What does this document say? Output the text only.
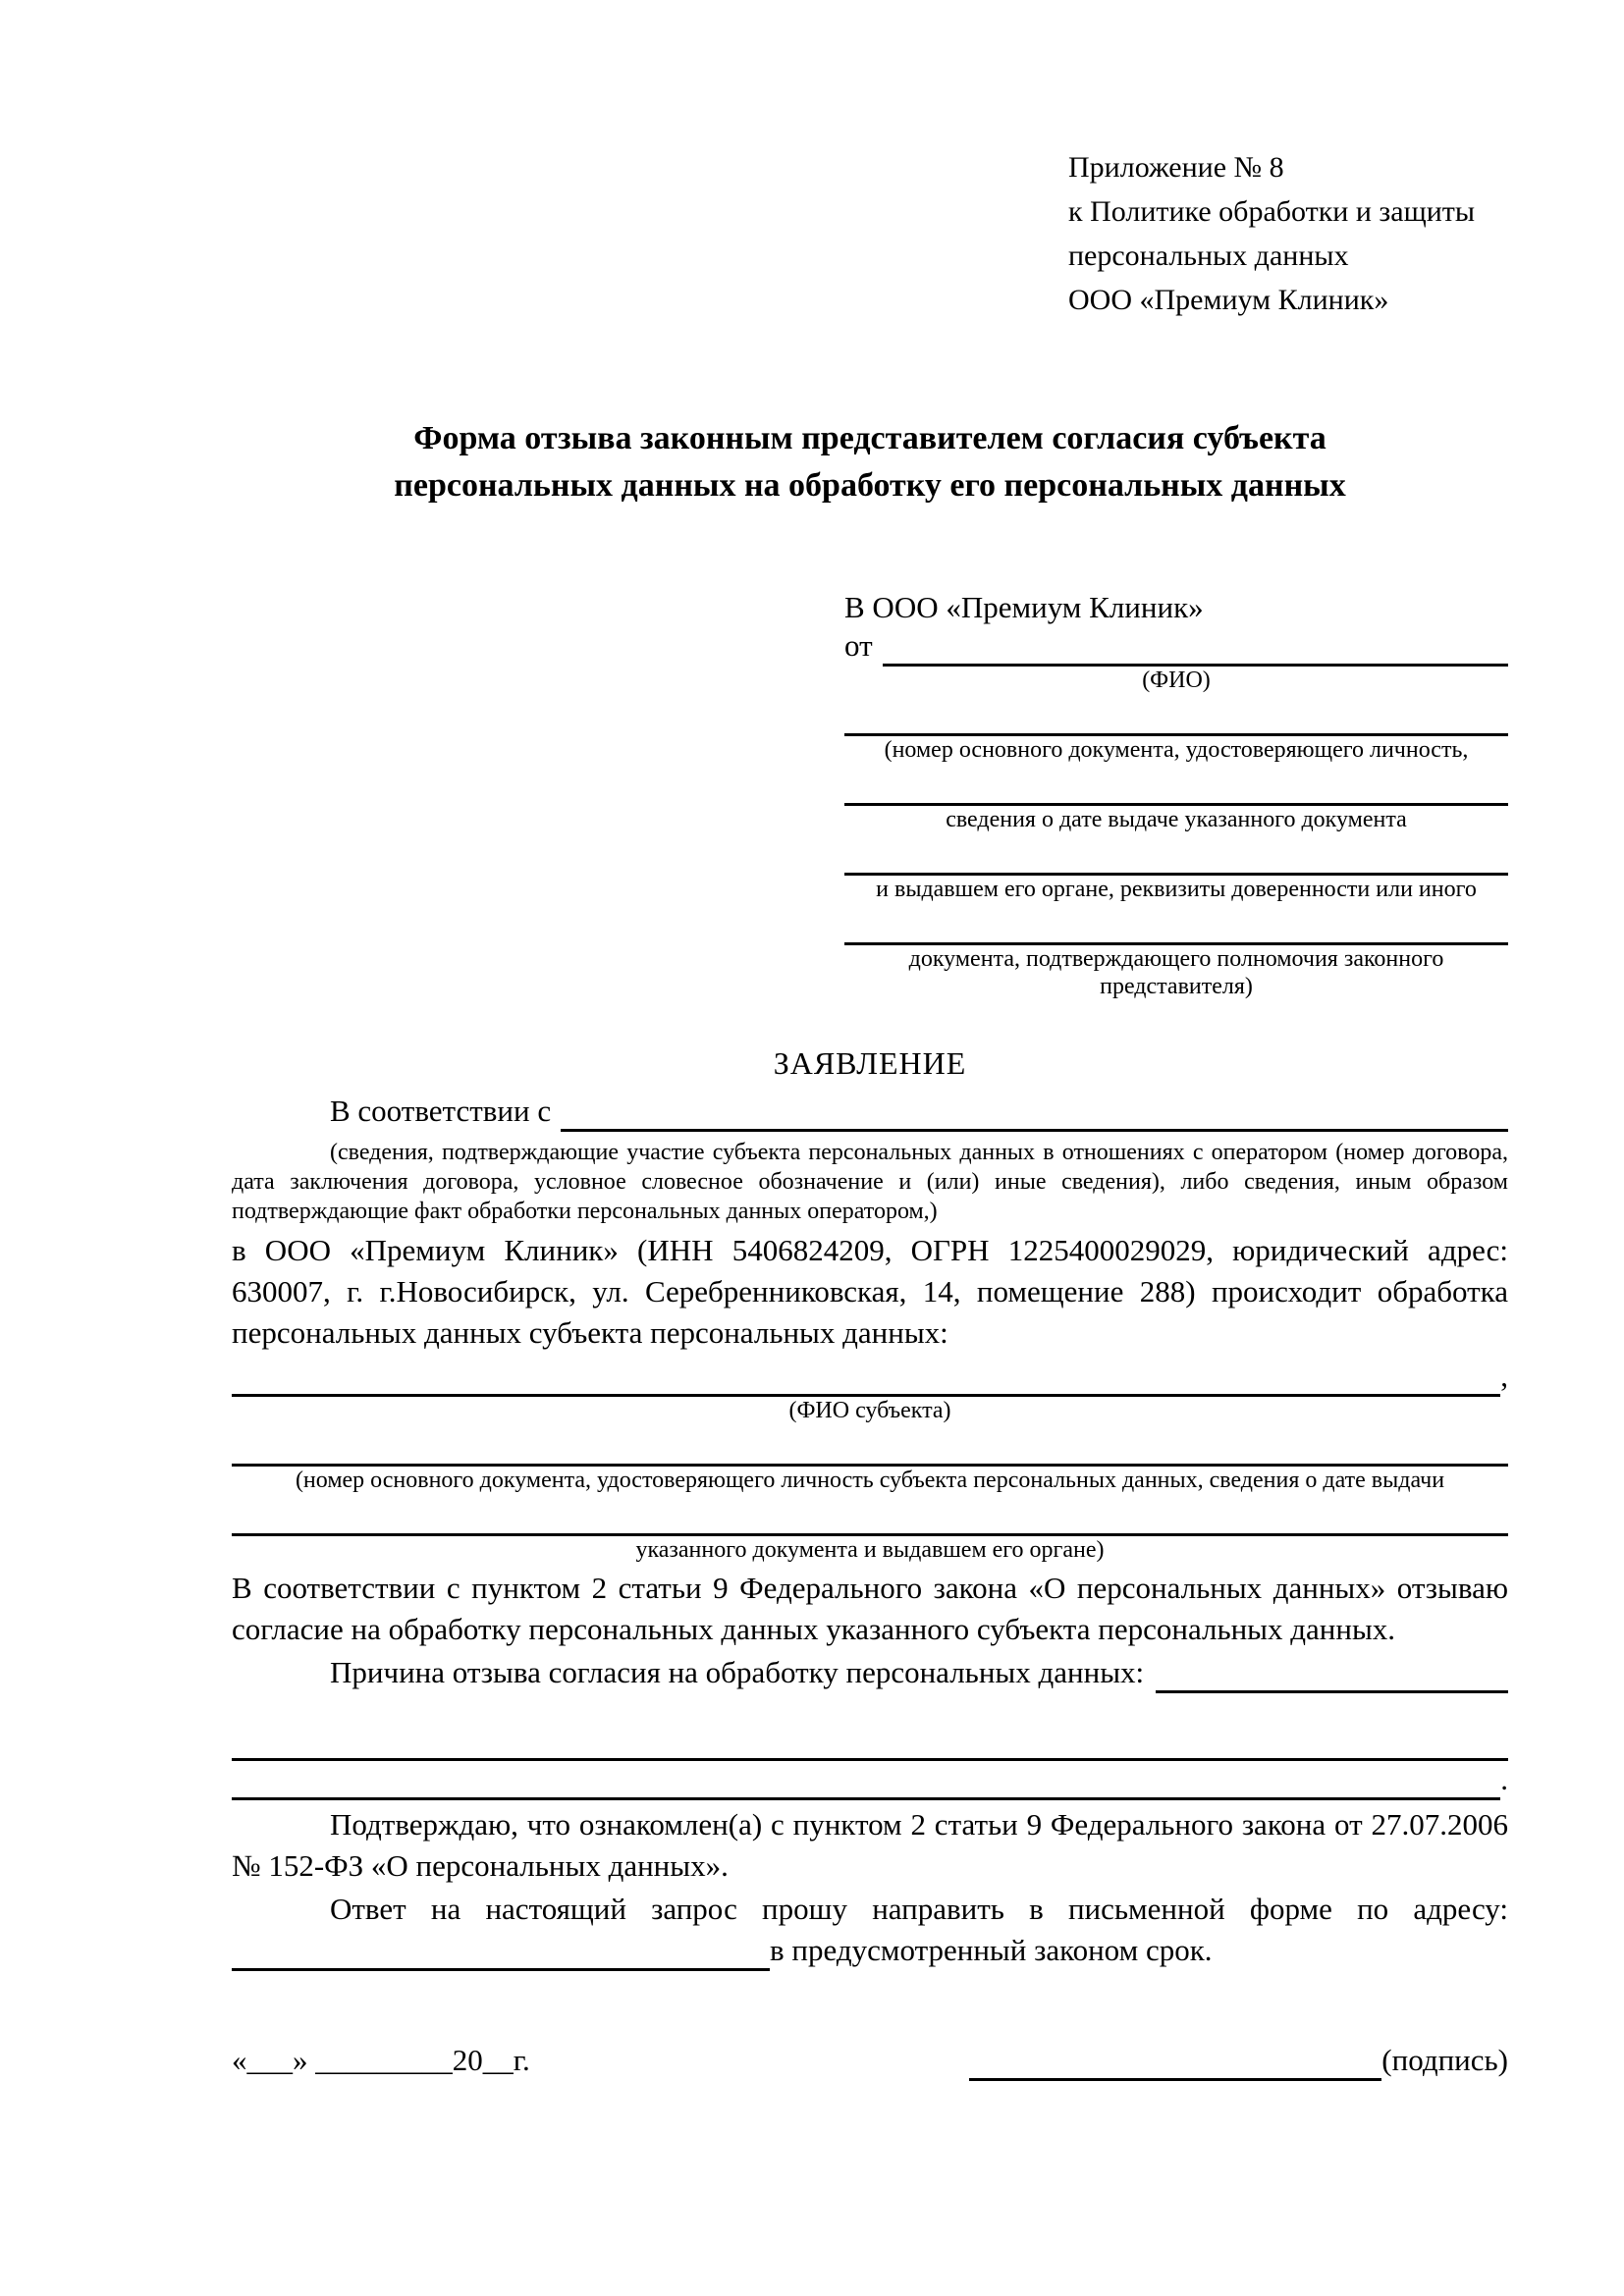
Приложение № 8
к Политике обработки и защиты
персональных данных
ООО «Премиум Клиник»
Форма отзыва законным представителем согласия субъекта персональных данных на обработку его персональных данных
В ООО «Премиум Клиник»
от
(ФИО)
(номер основного документа, удостоверяющего личность,
сведения о дате выдаче указанного документа
и выдавшем его органе, реквизиты доверенности или иного
документа, подтверждающего полномочия законного представителя)
ЗАЯВЛЕНИЕ
В соответствии с
(сведения, подтверждающие участие субъекта персональных данных в отношениях с оператором (номер договора, дата заключения договора, условное словесное обозначение и (или) иные сведения), либо сведения, иным образом подтверждающие факт обработки персональных данных оператором,)
в ООО «Премиум Клиник» (ИНН 5406824209, ОГРН 1225400029029, юридический адрес: 630007, г. г.Новосибирск, ул. Серебренниковская, 14, помещение 288) происходит обработка персональных данных субъекта персональных данных:
,
(ФИО субъекта)
(номер основного документа, удостоверяющего личность субъекта персональных данных, сведения о дате выдачи
указанного документа и выдавшем его органе)
В соответствии с пунктом 2 статьи 9 Федерального закона «О персональных данных» отзываю согласие на обработку персональных данных указанного субъекта персональных данных.
Причина отзыва согласия на обработку персональных данных:
.
Подтверждаю, что ознакомлен(а) с пунктом 2 статьи 9 Федерального закона от 27.07.2006 № 152-ФЗ «О персональных данных».
Ответ на настоящий запрос прошу направить в письменной форме по адресу:
в предусмотренный законом срок.
«___» _________20__г.	(подпись)
